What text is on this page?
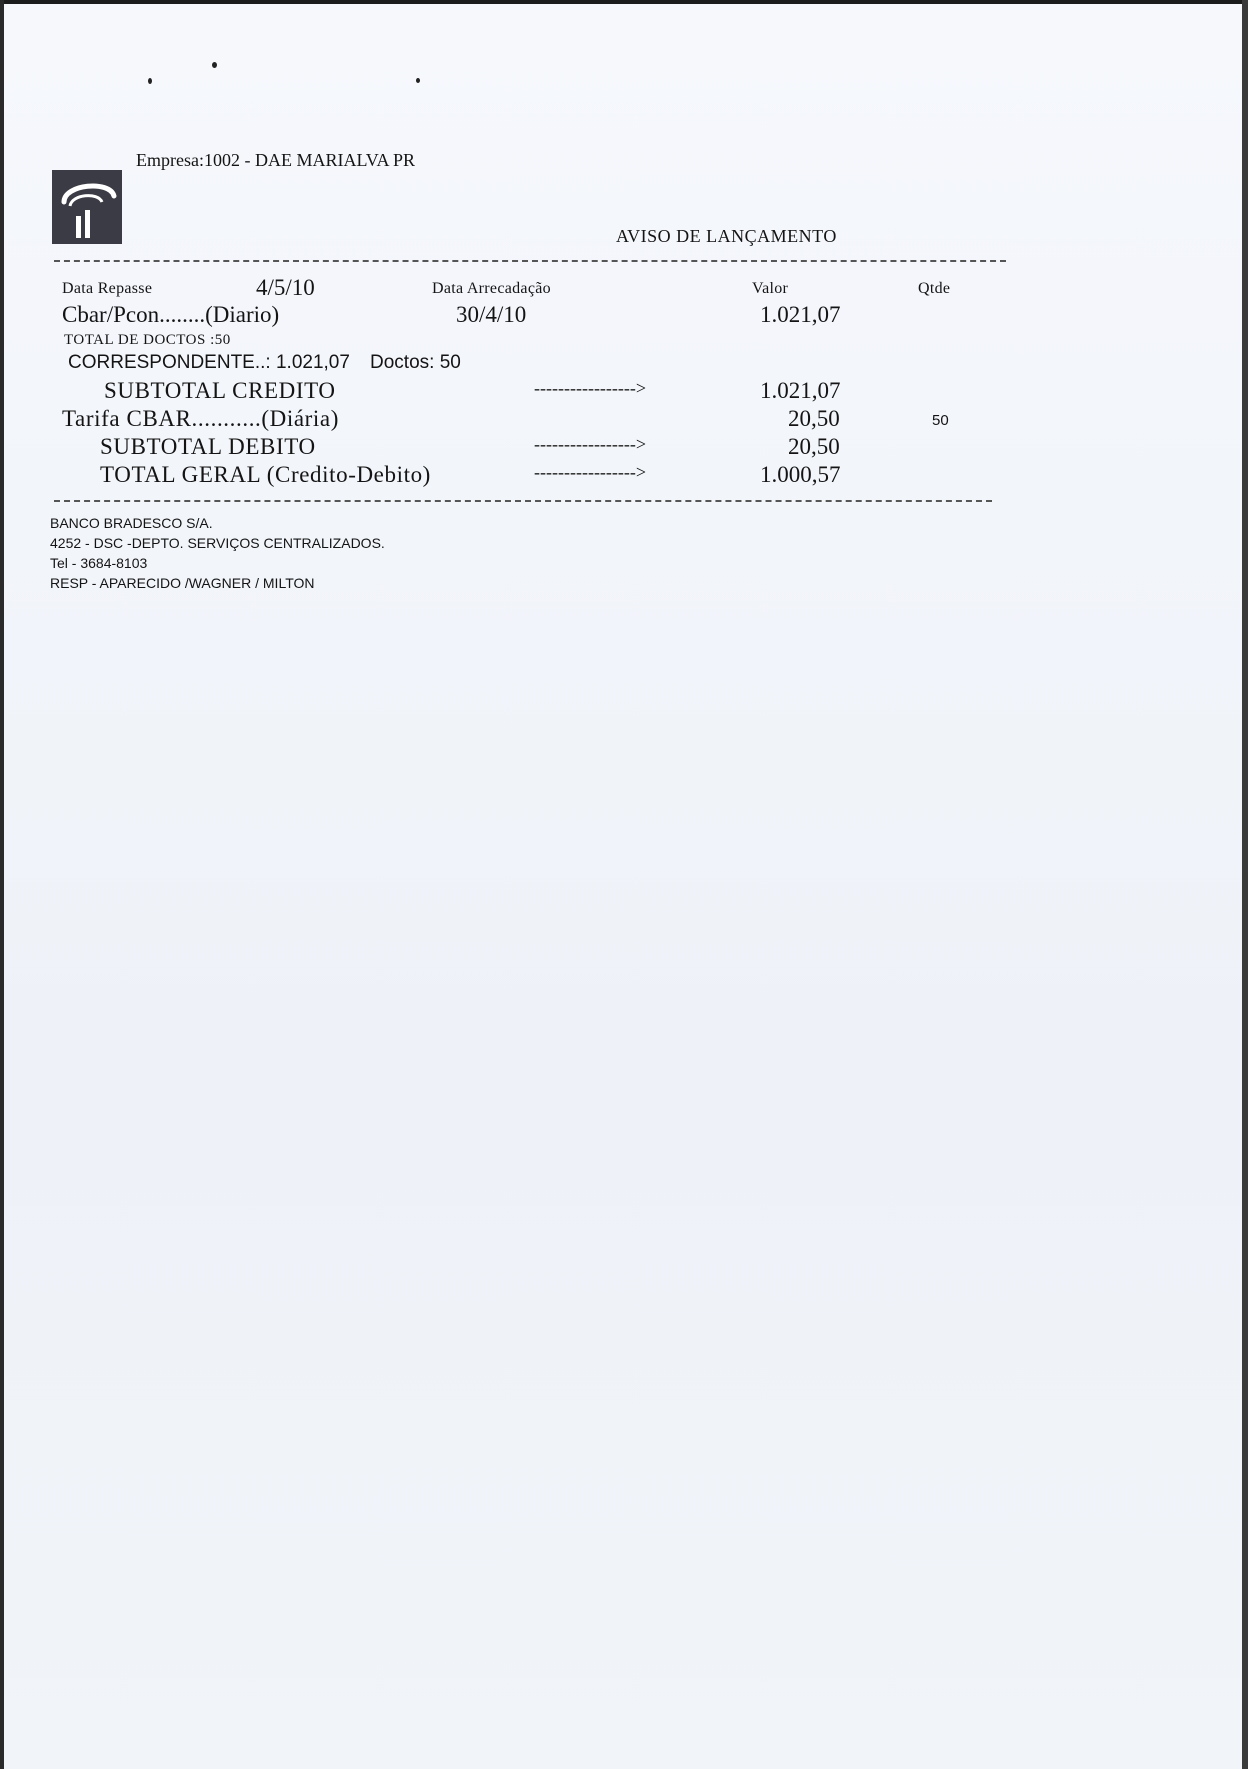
Empresa:1002 - DAE MARIALVA PR
AVISO DE LANÇAMENTO
Data Repasse	4/5/10	Data Arrecadação	Valor	Qtde
Cbar/Pcon........(Diario)	30/4/10	1.021,07
TOTAL DE DOCTOS :50
CORRESPONDENTE..: 1.021,07 Doctos: 50
SUBTOTAL CREDITO	----------------->	1.021,07
Tarifa CBAR...........(Diária)	20,50	50
SUBTOTAL DEBITO	----------------->	20,50
TOTAL GERAL (Credito-Debito)	----------------->	1.000,57
BANCO BRADESCO S/A.
4252 - DSC -DEPTO. SERVIÇOS CENTRALIZADOS.
Tel - 3684-8103
RESP - APARECIDO /WAGNER / MILTON
